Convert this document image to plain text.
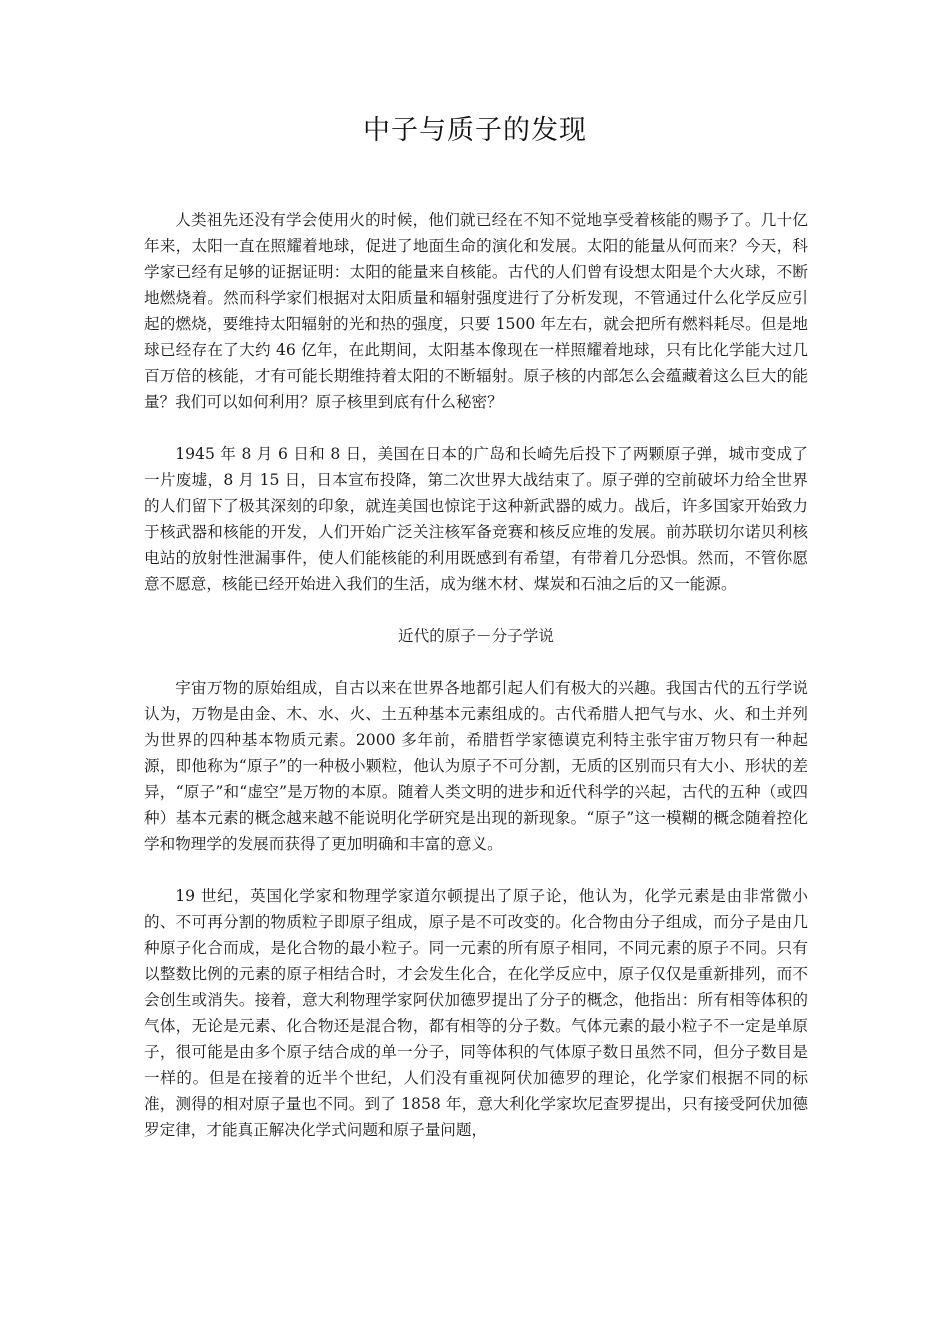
中子与质子的发现

人类祖先还没有学会使用火的时候，他们就已经在不知不觉地享受着核能的赐予了。几十亿年来，太阳一直在照耀着地球，促进了地面生命的演化和发展。太阳的能量从何而来？今天，科学家已经有足够的证据证明：太阳的能量来自核能。古代的人们曾有设想太阳是个大火球，不断地燃烧着。然而科学家们根据对太阳质量和辐射强度进行了分析发现，不管通过什么化学反应引起的燃烧，要维持太阳辐射的光和热的强度，只要 1500 年左右，就会把所有燃料耗尽。但是地球已经存在了大约 46 亿年，在此期间，太阳基本像现在一样照耀着地球，只有比化学能大过几百万倍的核能，才有可能长期维持着太阳的不断辐射。原子核的内部怎么会蕴藏着这么巨大的能量？我们可以如何利用？原子核里到底有什么秘密？

1945 年 8 月 6 日和 8 日，美国在日本的广岛和长崎先后投下了两颗原子弹，城市变成了一片废墟，8 月 15 日，日本宣布投降，第二次世界大战结束了。原子弹的空前破坏力给全世界的人们留下了极其深刻的印象，就连美国也惊诧于这种新武器的威力。战后，许多国家开始致力于核武器和核能的开发，人们开始广泛关注核军备竞赛和核反应堆的发展。前苏联切尔诺贝利核电站的放射性泄漏事件，使人们能核能的利用既感到有希望，有带着几分恐惧。然而，不管你愿意不愿意，核能已经开始进入我们的生活，成为继木材、煤炭和石油之后的又一能源。

近代的原子－分子学说

宇宙万物的原始组成，自古以来在世界各地都引起人们有极大的兴趣。我国古代的五行学说认为，万物是由金、木、水、火、土五种基本元素组成的。古代希腊人把气与水、火、和土并列为世界的四种基本物质元素。2000 多年前，希腊哲学家德谟克利特主张宇宙万物只有一种起源，即他称为“原子”的一种极小颗粒，他认为原子不可分割，无质的区别而只有大小、形状的差异，“原子”和“虚空”是万物的本原。随着人类文明的进步和近代科学的兴起，古代的五种（或四种）基本元素的概念越来越不能说明化学研究是出现的新现象。“原子”这一模糊的概念随着控化学和物理学的发展而获得了更加明确和丰富的意义。

19 世纪，英国化学家和物理学家道尔顿提出了原子论，他认为，化学元素是由非常微小的、不可再分割的物质粒子即原子组成，原子是不可改变的。化合物由分子组成，而分子是由几种原子化合而成，是化合物的最小粒子。同一元素的所有原子相同，不同元素的原子不同。只有以整数比例的元素的原子相结合时，才会发生化合，在化学反应中，原子仅仅是重新排列，而不会创生或消失。接着，意大利物理学家阿伏加德罗提出了分子的概念，他指出：所有相等体积的气体，无论是元素、化合物还是混合物，都有相等的分子数。气体元素的最小粒子不一定是单原子，很可能是由多个原子结合成的单一分子，同等体积的气体原子数日虽然不同，但分子数目是一样的。但是在接着的近半个世纪，人们没有重视阿伏加德罗的理论，化学家们根据不同的标准，测得的相对原子量也不同。到了 1858 年，意大利化学家坎尼查罗提出，只有接受阿伏加德罗定律，才能真正解决化学式问题和原子量问题，
